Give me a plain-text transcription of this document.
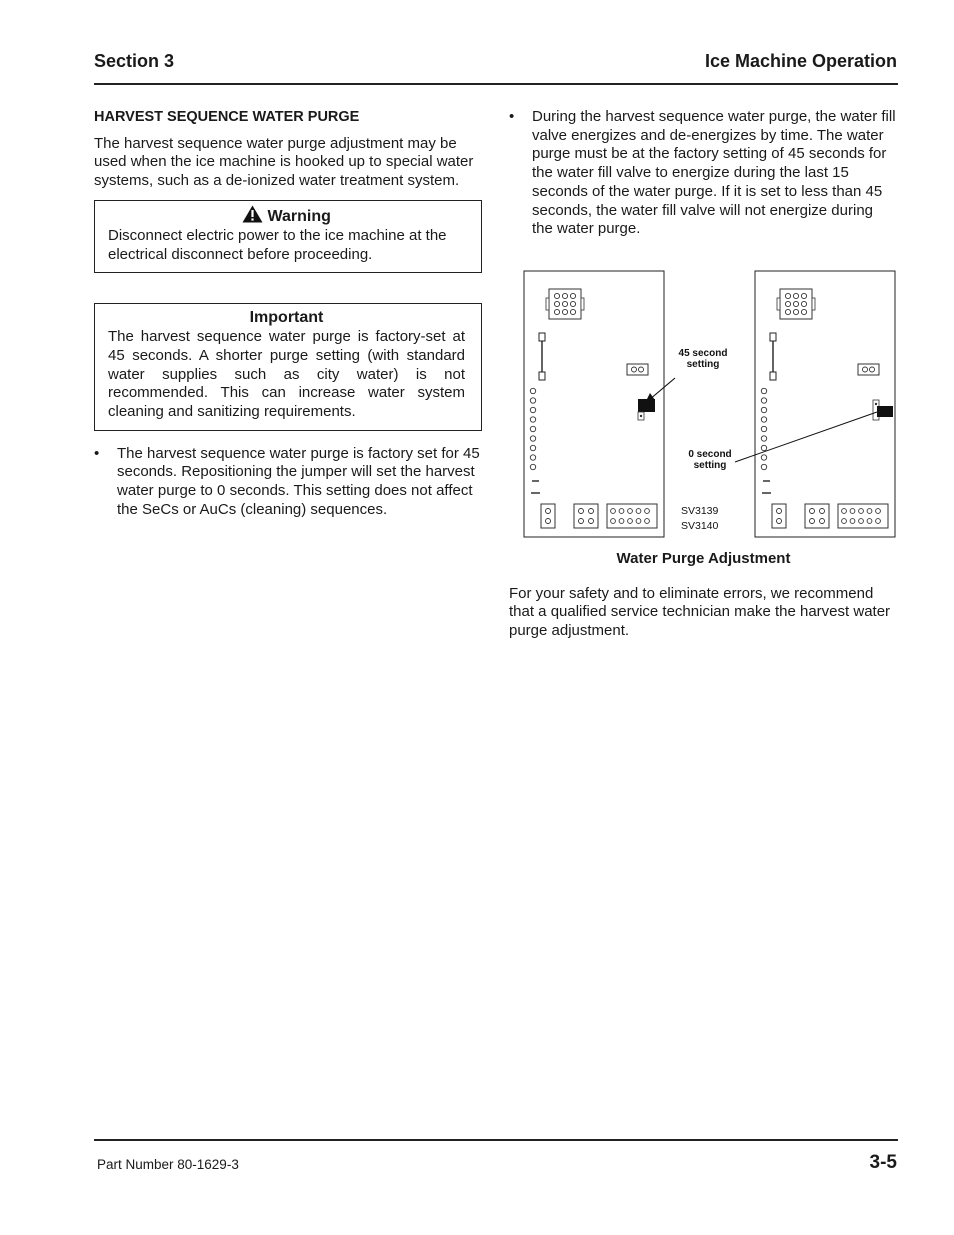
Section 3	Ice Machine Operation
HARVEST SEQUENCE WATER PURGE

The harvest sequence water purge adjustment may be used when the ice machine is hooked up to special water systems, such as a de-ionized water treatment system.

Warning

Disconnect electric power to the ice machine at the electrical disconnect before proceeding.

Important

The harvest sequence water purge is factory-set at 45 seconds. A shorter purge setting (with standard water supplies such as city water) is not recommended. This can increase water system cleaning and sanitizing requirements.

• The harvest sequence water purge is factory set for 45 seconds. Repositioning the jumper will set the harvest water purge to 0 seconds. This setting does not affect the SeCs or AuCs (cleaning) sequences.

• During the harvest sequence water purge, the water fill valve energizes and de-energizes by time. The water purge must be at the factory setting of 45 seconds for the water fill valve to energize during the last 15 seconds of the water purge. If it is set to less than 45 seconds, the water fill valve will not energize during the water purge.

45 second
setting
0 second
setting
SV3139
SV3140
Water Purge Adjustment

For your safety and to eliminate errors, we recommend that a qualified service technician make the harvest water purge adjustment.

Part Number 80-1629-3	3-5
